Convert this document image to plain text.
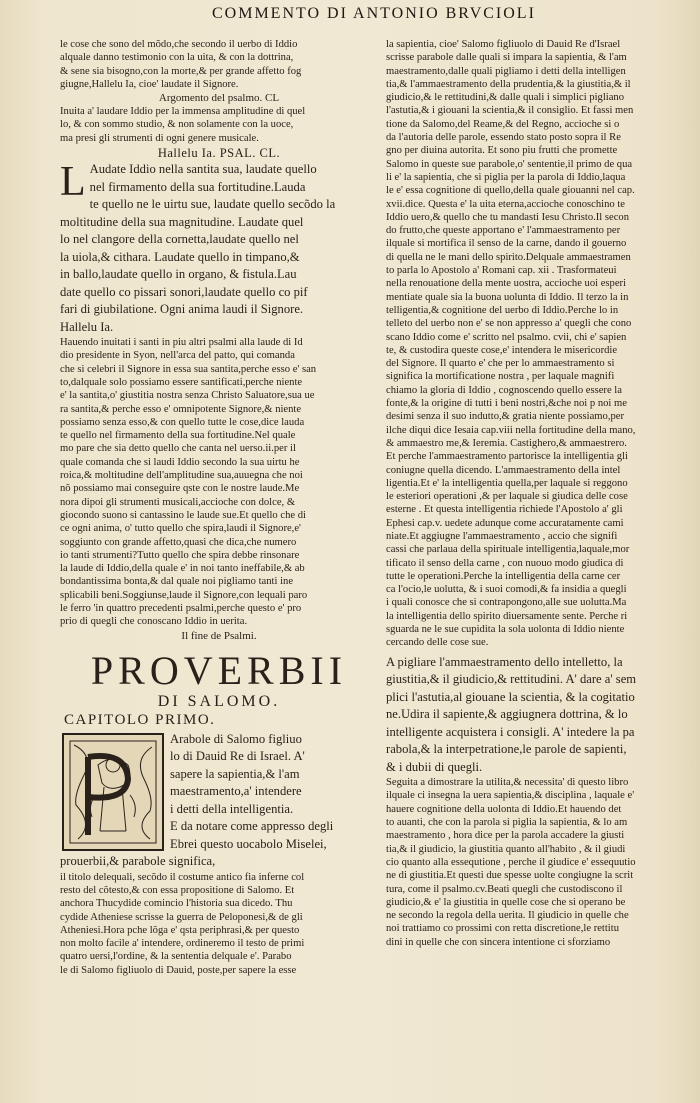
COMMENTO DI ANTONIO BRVCIOLI
le cose che sono del mõdo,che secondo il uerbo di Iddio
alquale danno testimonio con la uita, & con la dottrina,
& sene sia bisogno,con la morte,& per grande affetto fog
giugne,Hallelu Ia, cioe' laudate il Signore.
Argomento del psalmo. CL
Inuita a' laudare Iddio per la immensa amplitudine di quel
lo, & con sommo studio, & non solamente con la uoce,
ma presi gli strumenti di ogni genere musicale.
Hallelu Ia. PSAL. CL.
L Audate Iddio nella santita sua, laudate quello
nel firmamento della sua fortitudine.Lauda
te quello ne le uirtu sue, laudate quello secõdo la
moltitudine della sua magnitudine. Laudate quel
lo nel clangore della cornetta,laudate quello nel
la uiola,& cithara. Laudate quello in timpano,&
in ballo,laudate quello in organo, & fistula.Lau
date quello co pissari sonori,laudate quello co pif
fari di giubilatione. Ogni anima laudi il Signore.
Hallelu Ia.
Hauendo inuitati i santi in piu altri psalmi alla laude di Id
dio presidente in Syon, nell'arca del patto, qui comanda
che si celebri il Signore in essa sua santita,perche esso e' san
to,dalquale solo possiamo essere santificati,perche niente
e' la santita,o' giustitia nostra senza Christo Saluatore,sua ue
ra santita,& perche esso e' omnipotente Signore,& niente
possiamo senza esso,& con quello tutte le cose,dice lauda
te quello nel firmamento della sua fortitudine.Nel quale
mo pare che sia detto quello che canta nel uerso.ii.per il
quale comanda che si laudi Iddio secondo la sua uirtu he
roica,& moltitudine dell'amplitudine sua,auuegna che noi
nõ possiamo mai conseguire qste con le nostre laude.Me
nora dipoi gli strumenti musicali,accioche con dolce, &
giocondo suono si cantassino le laude sue.Et quello che di
ce ogni anima, o' tutto quello che spira,laudi il Signore,e'
soggiunto con grande affetto,quasi che dica,che numero
io tanti strumenti?Tutto quello che spira debbe rinsonare
la laude di Iddio,della quale e' in noi tanto ineffabile,& ab
bondantissima bonta,& dal quale noi pigliamo tanti ine
splicabili beni.Soggiunse,laude il Signore,con lequali paro
le ferro 'in quattro precedenti psalmi,perche questo e' pro
prio di quegli che conoscano Iddio in uerita.
Il fine de Psalmi.
PROVERBII
DI SALOMO.
CAPITOLO PRIMO.
Arabole di Salomo figliuo
lo di Dauid Re di Israel. A'
sapere la sapientia,& l'am
maestramento,a' intendere
i detti della intelligentia.
E da notare come appresso degli
Ebrei questo uocabolo Miselei,
prouerbii,& parabole significa,
il titolo delequali, secõdo il costume antico fia inferne col
resto del cõtesto,& con essa propositione di Salomo. Et
anchora Thucydide comincio l'historia sua dicedo. Thu
cydide Atheniese scrisse la guerra de Peloponesi,& de gli
Atheniesi.Hora pche lõga e' qsta periphrasi,& per questo
non molto facile a' intendere, ordineremo il testo de primi
quatro uersi,l'ordine, & la sententia delquale e'. Parabo
le di Salomo figliuolo di Dauid, poste,per sapere la esse
la sapientia, cioe' Salomo figliuolo di Dauid Re d'Israel
scrisse parabole dalle quali si impara la sapientia, & l'am
maestramento,dalle quali pigliamo i detti della intelligen
tia,& l'ammaestramento della prudentia,& la giustitia,& il
giudicio,& le rettitudini,& dalle quali i simplici pigliano
l'astutia,& i giouani la scientia,& il consiglio. Et fassi men
tione da Salomo,del Reame,& del Regno, accioche si o
da l'autoria delle parole, essendo stato posto sopra il Re
gno per diuina autorita. Et sono piu frutti che promette
Salomo in queste sue parabole,o' sententie,il primo de qua
li e' la sapientia, che si piglia per la parola di Iddio,laqua
le e' essa cognitione di quello,della quale giouanni nel cap.
xvii.dice. Questa e' la uita eterna,accioche conoschino te
Iddio uero,& quello che tu mandasti Iesu Christo.Il secon
do frutto,che queste apportano e' l'ammaestramento per
ilquale si mortifica il senso de la carne, dando il gouerno
di quella ne le mani dello spirito.Delquale ammaestramen
to parla lo Apostolo a' Romani cap. xii . Trasformateui
nella renouatione della mente uostra, accioche uoi esperi
mentiate quale sia la buona uolunta di Iddio. Il terzo la in
telligentia,& cognitione del uerbo di Iddio.Perche lo in
telleto del uerbo non e' se non appresso a' quegli che cono
scano Iddio come e' scritto nel psalmo. cvii, chi e' sapien
te, & custodira queste cose,e' intendera le misericordie
del Signore. Il quarto e' che per lo ammaestramento si
significa la mortificatione nostra , per laquale magnifi
chiamo la gloria di Iddio , cognoscendo quello essere la
fonte,& la origine di tutti i beni nostri,&che noi p noi me
desimi senza il suo indutto,& gratia niente possiamo,per
ilche diqui dice Iesaia cap.viii nella fortitudine della mano,
& ammaestro me,& Ieremia. Castighero,& ammaestrero.
Et perche l'ammaestramento partorisce la intelligentia gli
coniugne quella dicendo. L'ammaestramento della intel
ligentia.Et e' la intelligentia quella,per laquale si reggono
le esteriori operationi ,& per laquale si giudica delle cose
esterne . Et questa intelligentia richiede l'Apostolo a' gli
Ephesi cap.v. uedete adunque come accuratamente cami
niate.Et aggiugne l'ammaestramento , accio che signifi
cassi che parlaua della spirituale intelligentia,laquale,mor
tificato il senso della carne , con nuouo modo giudica di
tutte le operationi.Perche la intelligentia della carne cer
ca l'ocio,le uolutta, & i suoi comodi,& fa insidia a quegli
i quali conosce che si contrapongono,alle sue uolutta.Ma
la intelligentia dello spirito diuersamente sente. Perche ri
sguarda ne le sue cupidita la sola uolonta di Iddio niente
cercando delle cose sue.
A pigliare l'ammaestramento dello intelletto, la
giustitia,& il giudicio,& rettitudini. A' dare a' sem
plici l'astutia,al giouane la scientia, & la cogitatio
ne.Udira il sapiente,& aggiugnera dottrina, & lo
intelligente acquistera i consigli. A' intedere la pa
rabola,& la interpetratione,le parole de sapienti,
& i dubii di quegli.
Seguita a dimostrare la utilita,& necessita' di questo libro
ilquale ci insegna la uera sapientia,& disciplina , laquale e'
hauere cognitione della uolonta di Iddio.Et hauendo det
to auanti, che con la parola si piglia la sapientia, & lo am
maestramento , hora dice per la parola accadere la giusti
tia,& il giudicio, la giustitia quanto all'habito , & il giudi
cio quanto alla essequtione , perche il giudice e' essequutio
ne di giustitia.Et questi due spesse uolte congiugne la scrit
tura, come il psalmo.cv.Beati quegli che custodiscono il
giudicio,& e' la giustitia in quelle cose che si operano be
ne secondo la regola della uerita. Il giudicio in quelle che
noi trattiamo co prossimi con retta discretione,le rettitu
dini in quelle che con sincera intentione ci sforziamo
